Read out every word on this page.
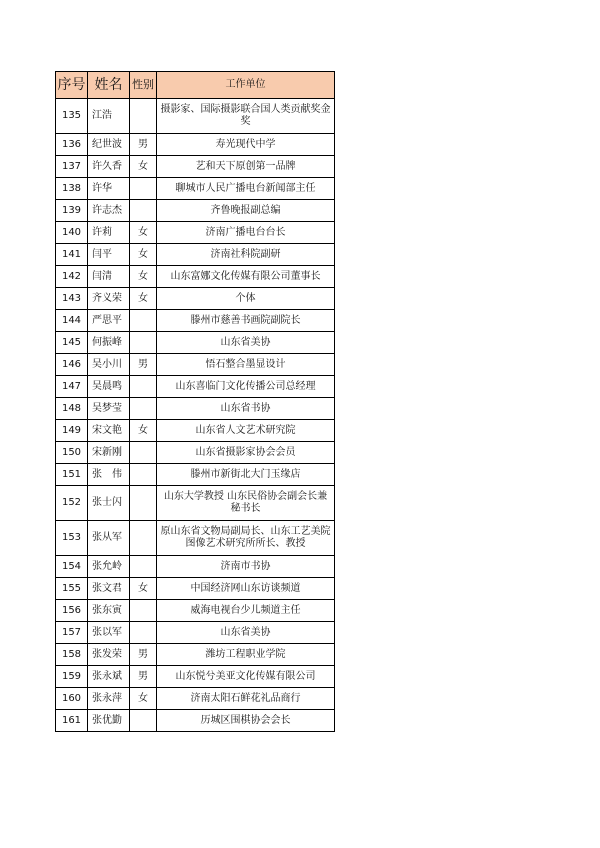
序号	姓名	性别	工作单位
135	江浩		摄影家、国际摄影联合国人类贡献奖金奖
136	纪世波	男	寿光现代中学
137	许久香	女	艺和天下原创第一品牌
138	许华		聊城市人民广播电台新闻部主任
139	许志杰		齐鲁晚报副总编
140	许莉	女	济南广播电台台长
141	闫平	女	济南社科院副研
142	闫清	女	山东富娜文化传媒有限公司董事长
143	齐义荣	女	个体
144	严思平		滕州市慈善书画院副院长
145	何振峰		山东省美协
146	吴小川	男	悟石整合墨显设计
147	吴晨鸣		山东喜临门文化传播公司总经理
148	吴梦莹		山东省书协
149	宋文艳	女	山东省人文艺术研究院
150	宋新刚		山东省摄影家协会会员
151	张　伟		滕州市新街北大门玉缘店
152	张士闪		山东大学教授 山东民俗协会副会长兼秘书长
153	张从军		原山东省文物局副局长、山东工艺美院图像艺术研究所所长、教授
154	张允岭		济南市书协
155	张文君	女	中国经济网山东访谈频道
156	张东寅		威海电视台少儿频道主任
157	张以军		山东省美协
158	张发荣	男	潍坊工程职业学院
159	张永斌	男	山东悦兮美亚文化传媒有限公司
160	张永萍	女	济南太阳石鲜花礼品商行
161	张优勤		历城区围棋协会会长
